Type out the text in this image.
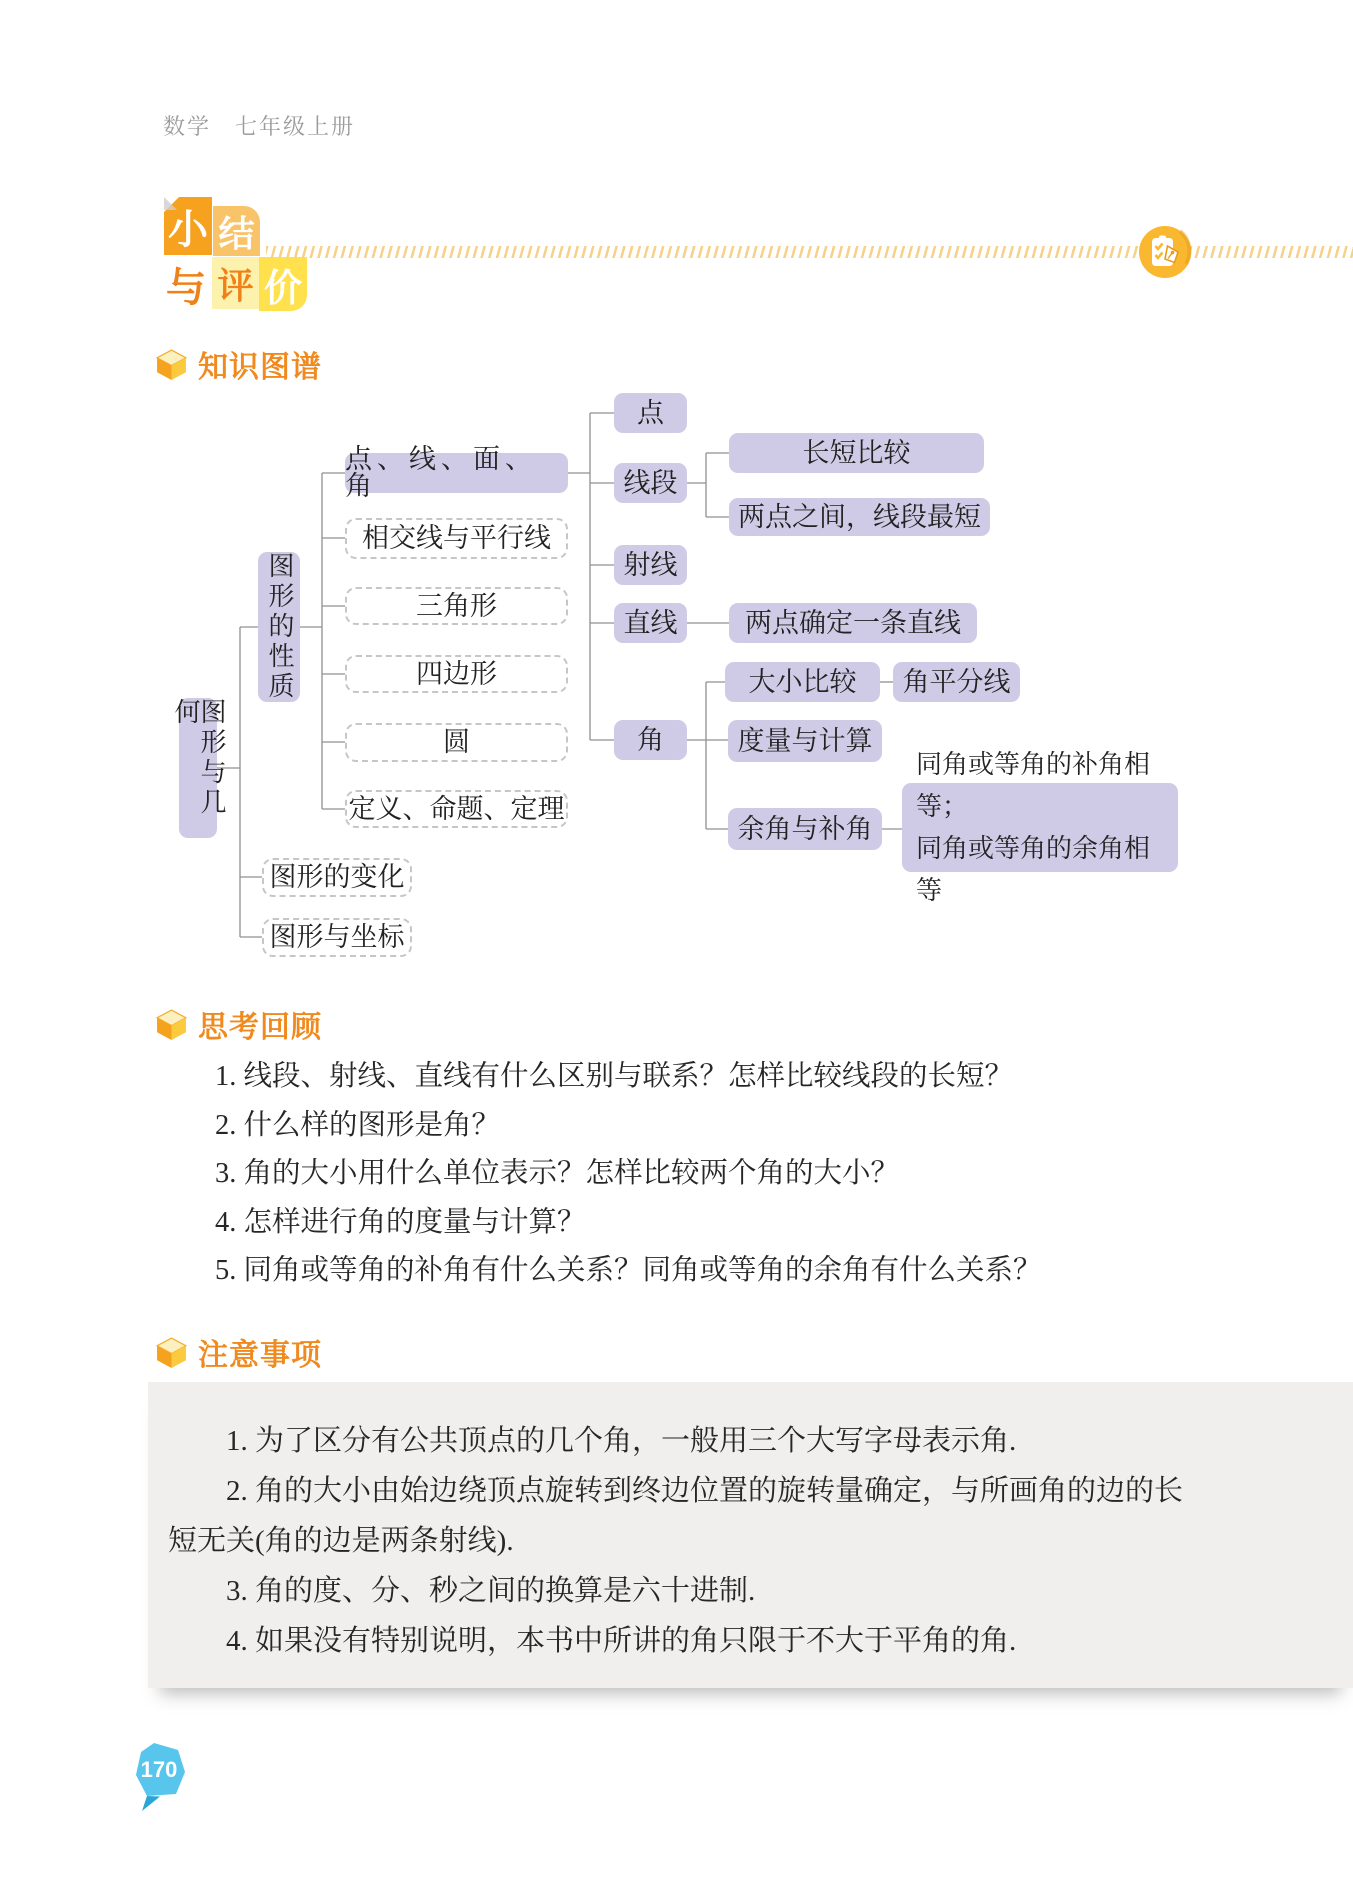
数学　七年级上册
小 结
与 评 价
知识图谱
图形与几何
图形的性质
图形的变化
图形与坐标
点、线、面、角
相交线与平行线
三角形
四边形
圆
定义、命题、定理
点
线段
射线
直线
角
长短比较
两点之间，线段最短
两点确定一条直线
大小比较	角平分线
度量与计算
余角与补角
同角或等角的补角相等；
同角或等角的余角相等
思考回顾
1. 线段、射线、直线有什么区别与联系？怎样比较线段的长短？
2. 什么样的图形是角？
3. 角的大小用什么单位表示？怎样比较两个角的大小？
4. 怎样进行角的度量与计算？
5. 同角或等角的补角有什么关系？同角或等角的余角有什么关系？
注意事项

1. 为了区分有公共顶点的几个角，一般用三个大写字母表示角.

2. 角的大小由始边绕顶点旋转到终边位置的旋转量确定，与所画角的边的长短无关(角的边是两条射线).

3. 角的度、分、秒之间的换算是六十进制.

4. 如果没有特别说明，本书中所讲的角只限于不大于平角的角.

170
